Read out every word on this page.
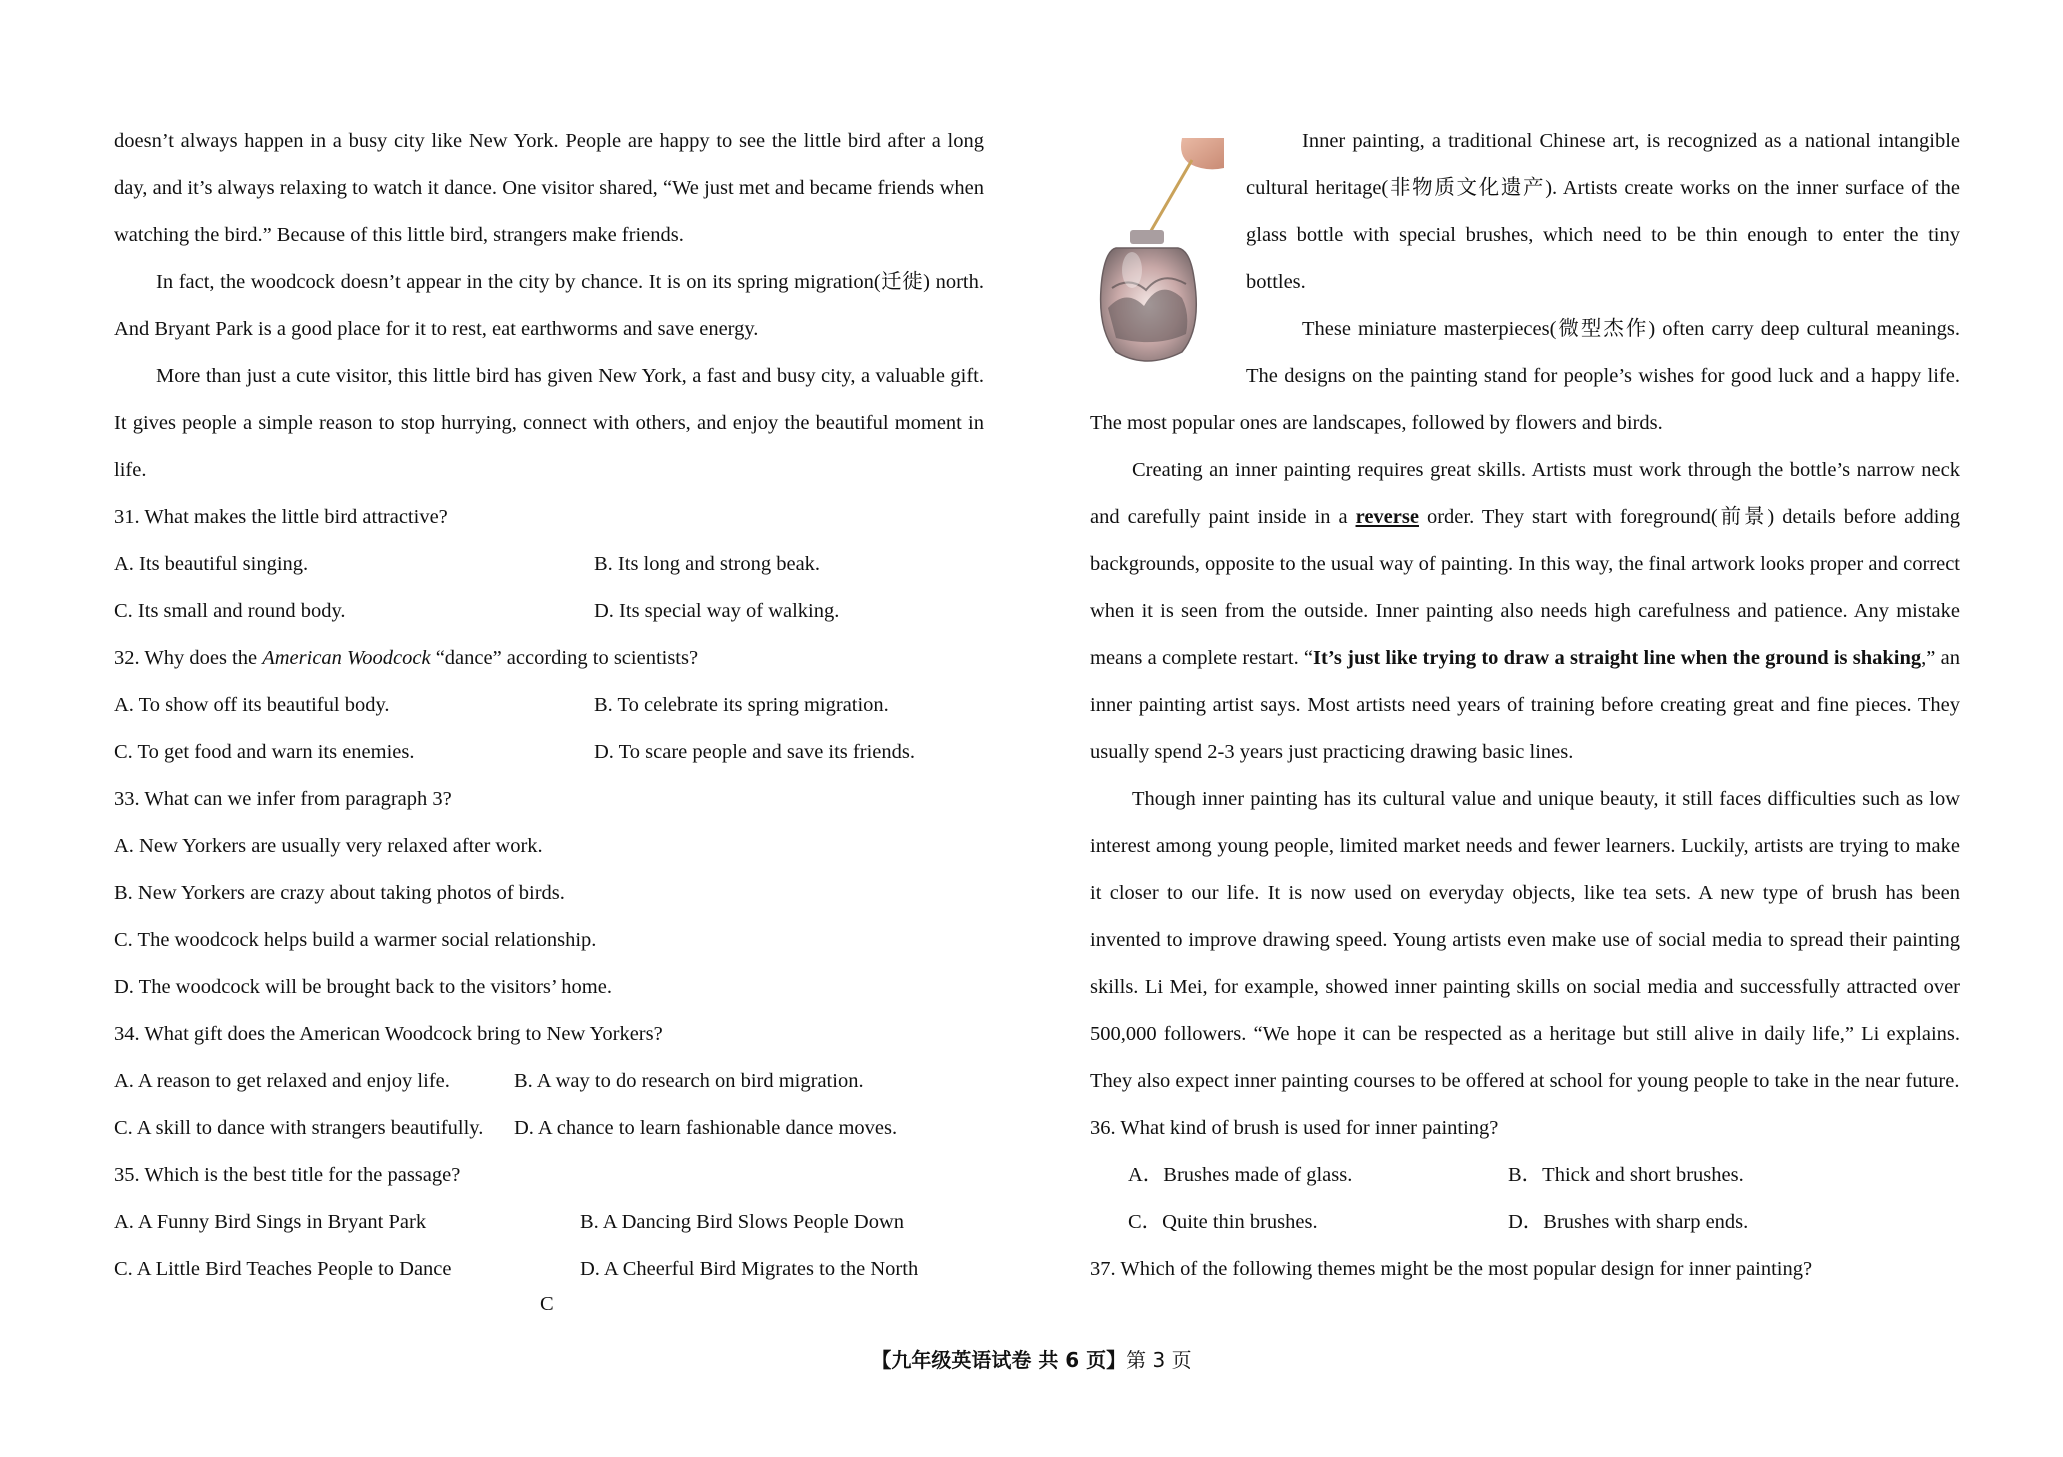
doesn’t always happen in a busy city like New York. People are happy to see the little bird after a long day, and it’s always relaxing to watch it dance. One visitor shared, “We just met and became friends when watching the bird.” Because of this little bird, strangers make friends.

In fact, the woodcock doesn’t appear in the city by chance. It is on its spring migration(迁徙) north. And Bryant Park is a good place for it to rest, eat earthworms and save energy.

More than just a cute visitor, this little bird has given New York, a fast and busy city, a valuable gift. It gives people a simple reason to stop hurrying, connect with others, and enjoy the beautiful moment in life.

31. What makes the little bird attractive?

A. Its beautiful singing.	B. Its long and strong beak.
C. Its small and round body.	D. Its special way of walking.

32. Why does the American Woodcock “dance” according to scientists?

A. To show off its beautiful body.	B. To celebrate its spring migration.
C. To get food and warn its enemies.	D. To scare people and save its friends.

33. What can we infer from paragraph 3?

A. New Yorkers are usually very relaxed after work.

B. New Yorkers are crazy about taking photos of birds.

C. The woodcock helps build a warmer social relationship.

D. The woodcock will be brought back to the visitors’ home.

34. What gift does the American Woodcock bring to New Yorkers?

A. A reason to get relaxed and enjoy life.	B. A way to do research on bird migration.
C. A skill to dance with strangers beautifully.	D. A chance to learn fashionable dance moves.

35. Which is the best title for the passage?

A. A Funny Bird Sings in Bryant Park	B. A Dancing Bird Slows People Down
C. A Little Bird Teaches People to Dance	D. A Cheerful Bird Migrates to the North
C

Inner painting, a traditional Chinese art, is recognized as a national intangible cultural heritage(非物质文化遗产). Artists create works on the inner surface of the glass bottle with special brushes, which need to be thin enough to enter the tiny bottles.

These miniature masterpieces(微型杰作) often carry deep cultural meanings. The designs on the painting stand for people’s wishes for good luck and a happy life. The most popular ones are landscapes, followed by flowers and birds.

Creating an inner painting requires great skills. Artists must work through the bottle’s narrow neck and carefully paint inside in a reverse order. They start with foreground(前景) details before adding backgrounds, opposite to the usual way of painting. In this way, the final artwork looks proper and correct when it is seen from the outside. Inner painting also needs high carefulness and patience. Any mistake means a complete restart. “It’s just like trying to draw a straight line when the ground is shaking,” an inner painting artist says. Most artists need years of training before creating great and fine pieces. They usually spend 2-3 years just practicing drawing basic lines.

Though inner painting has its cultural value and unique beauty, it still faces difficulties such as low interest among young people, limited market needs and fewer learners. Luckily, artists are trying to make it closer to our life. It is now used on everyday objects, like tea sets. A new type of brush has been invented to improve drawing speed. Young artists even make use of social media to spread their painting skills. Li Mei, for example, showed inner painting skills on social media and successfully attracted over 500,000 followers. “We hope it can be respected as a heritage but still alive in daily life,” Li explains. They also expect inner painting courses to be offered at school for young people to take in the near future.

36. What kind of brush is used for inner painting?

A．Brushes made of glass.	B．Thick and short brushes.
C．Quite thin brushes.	D．Brushes with sharp ends.

37. Which of the following themes might be the most popular design for inner painting?

【九年级英语试卷 共 6 页】第 3 页
